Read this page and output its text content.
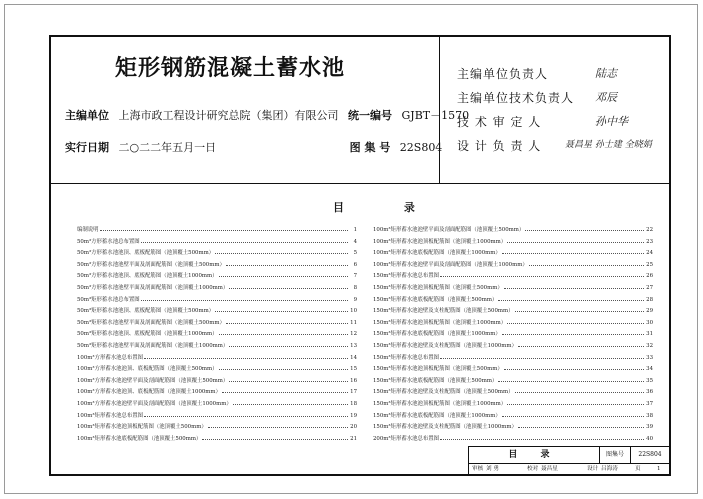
矩形钢筋混凝土蓄水池
主编单位 上海市政工程设计研究总院（集团）有限公司 统一编号 GJBT－1570
实行日期 二○二二年五月一日	图 集 号 22S804
主编单位负责人	陆志
主编单位技术负责人 邓辰
技 术 审 定 人	孙中华
设 计 负 责 人	聂昌星 孙士建 全晓娟
目 录
编制说明	1
50m³方形蓄水池总布置图	4
50m³方形蓄水池池顶、底板配筋图（池顶覆土500mm）	5
50m³方形蓄水池池壁平面及剖面配筋图（池顶覆土500mm）	6
50m³方形蓄水池池顶、底板配筋图（池顶覆土1000mm）	7
50m³方形蓄水池池壁平面及剖面配筋图（池顶覆土1000mm）	8
50m³矩形蓄水池总布置图	9
50m³矩形蓄水池池顶、底板配筋图（池顶覆土500mm）	10
50m³矩形蓄水池池壁平面及剖面配筋图（池顶覆土500mm）	11
50m³矩形蓄水池池顶、底板配筋图（池顶覆土1000mm）	12
50m³矩形蓄水池池壁平面及剖面配筋图（池顶覆土1000mm）	13
100m³方形蓄水池总布置图	14
100m³方形蓄水池池顶、底板配筋图（池顶覆土500mm）	15
100m³方形蓄水池池壁平面及剖面配筋图（池顶覆土500mm）	16
100m³方形蓄水池池顶、底板配筋图（池顶覆土1000mm）	17
100m³方形蓄水池池壁平面及剖面配筋图（池顶覆土1000mm）	18
100m³矩形蓄水池总布置图	19
100m³矩形蓄水池池顶板配筋图（池顶覆土500mm）	20
100m³矩形蓄水池底板配筋图（池顶覆土500mm）	21
100m³矩形蓄水池池壁平面及剖面配筋图（池顶覆土500mm）	22
100m³矩形蓄水池池顶板配筋图（池顶覆土1000mm）	23
100m³矩形蓄水池底板配筋图（池顶覆土1000mm）	24
100m³矩形蓄水池池壁平面及剖面配筋图（池顶覆土1000mm）	25
150m³矩形蓄水池总布置图	26
150m³矩形蓄水池池顶板配筋图（池顶覆土500mm）	27
150m³矩形蓄水池底板配筋图（池顶覆土500mm）	28
150m³矩形蓄水池池壁及支柱配筋图（池顶覆土500mm）	29
150m³矩形蓄水池池顶板配筋图（池顶覆土1000mm）	30
150m³矩形蓄水池底板配筋图（池顶覆土1000mm）	31
150m³矩形蓄水池池壁及支柱配筋图（池顶覆土1000mm）	32
150m³矩形蓄水池总布置图	33
150m³矩形蓄水池池顶板配筋图（池顶覆土500mm）	34
150m³矩形蓄水池底板配筋图（池顶覆土500mm）	35
150m³矩形蓄水池池壁及支柱配筋图（池顶覆土500mm）	36
150m³矩形蓄水池池顶板配筋图（池顶覆土1000mm）	37
150m³矩形蓄水池底板配筋图（池顶覆土1000mm）	38
150m³矩形蓄水池池壁及支柱配筋图（池顶覆土1000mm）	39
200m³矩形蓄水池总布置图	40
目 录	图集号	22S804
审核 刘 勇	校对 聂昌星	设计 吕海涛	页	1
